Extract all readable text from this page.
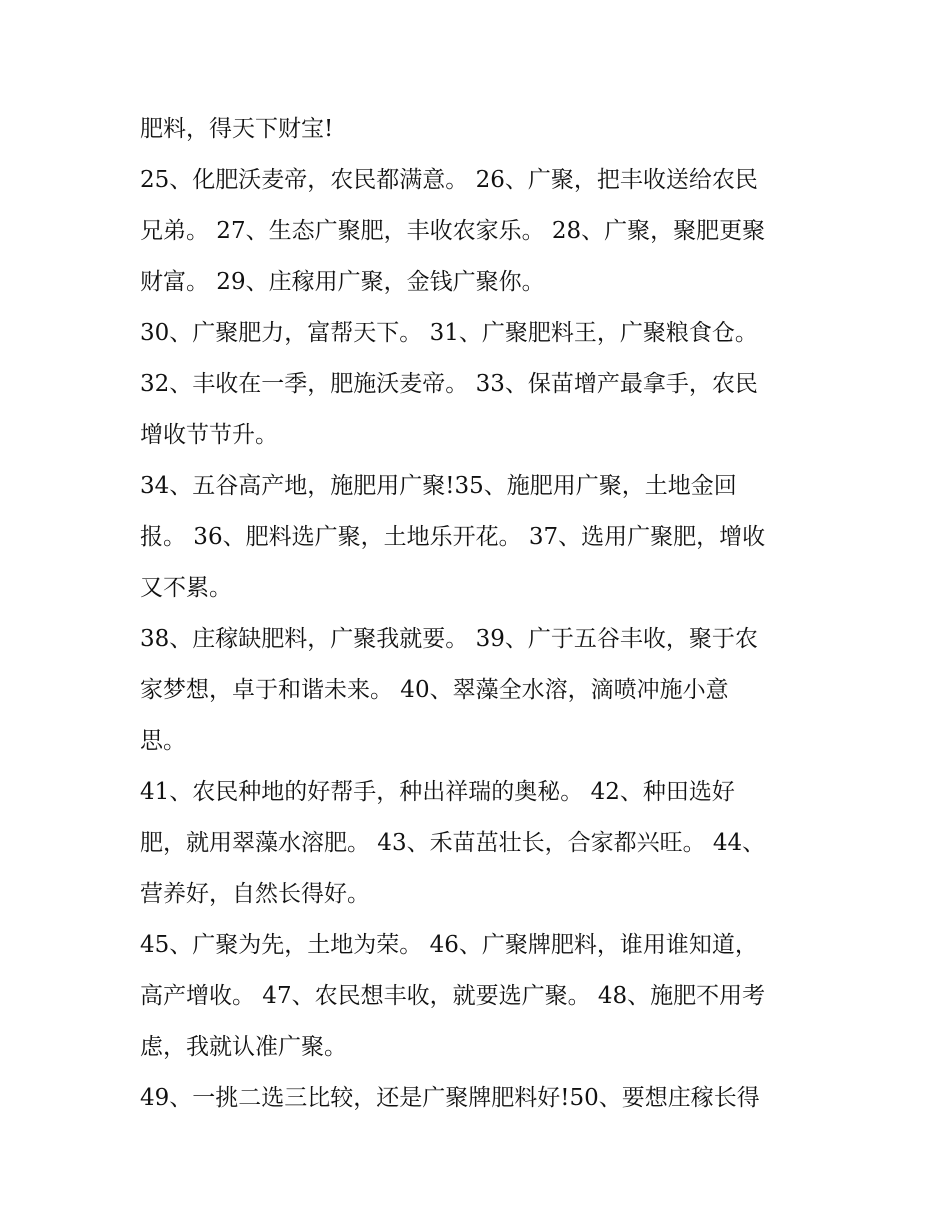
肥料，得天下财宝!
25、化肥沃麦帝，农民都满意。 26、广聚，把丰收送给农民
兄弟。 27、生态广聚肥，丰收农家乐。 28、广聚，聚肥更聚
财富。 29、庄稼用广聚，金钱广聚你。
30、广聚肥力，富帮天下。 31、广聚肥料王，广聚粮食仓。
32、丰收在一季，肥施沃麦帝。 33、保苗增产最拿手，农民
增收节节升。
34、五谷高产地，施肥用广聚!35、施肥用广聚，土地金回
报。 36、肥料选广聚，土地乐开花。 37、选用广聚肥，增收
又不累。
38、庄稼缺肥料，广聚我就要。 39、广于五谷丰收，聚于农
家梦想，卓于和谐未来。 40、翠藻全水溶，滴喷冲施小意
思。
41、农民种地的好帮手，种出祥瑞的奥秘。 42、种田选好
肥，就用翠藻水溶肥。 43、禾苗茁壮长，合家都兴旺。 44、
营养好，自然长得好。
45、广聚为先，土地为荣。 46、广聚牌肥料，谁用谁知道，
高产增收。 47、农民想丰收，就要选广聚。 48、施肥不用考
虑，我就认准广聚。
49、一挑二选三比较，还是广聚牌肥料好!50、要想庄稼长得
